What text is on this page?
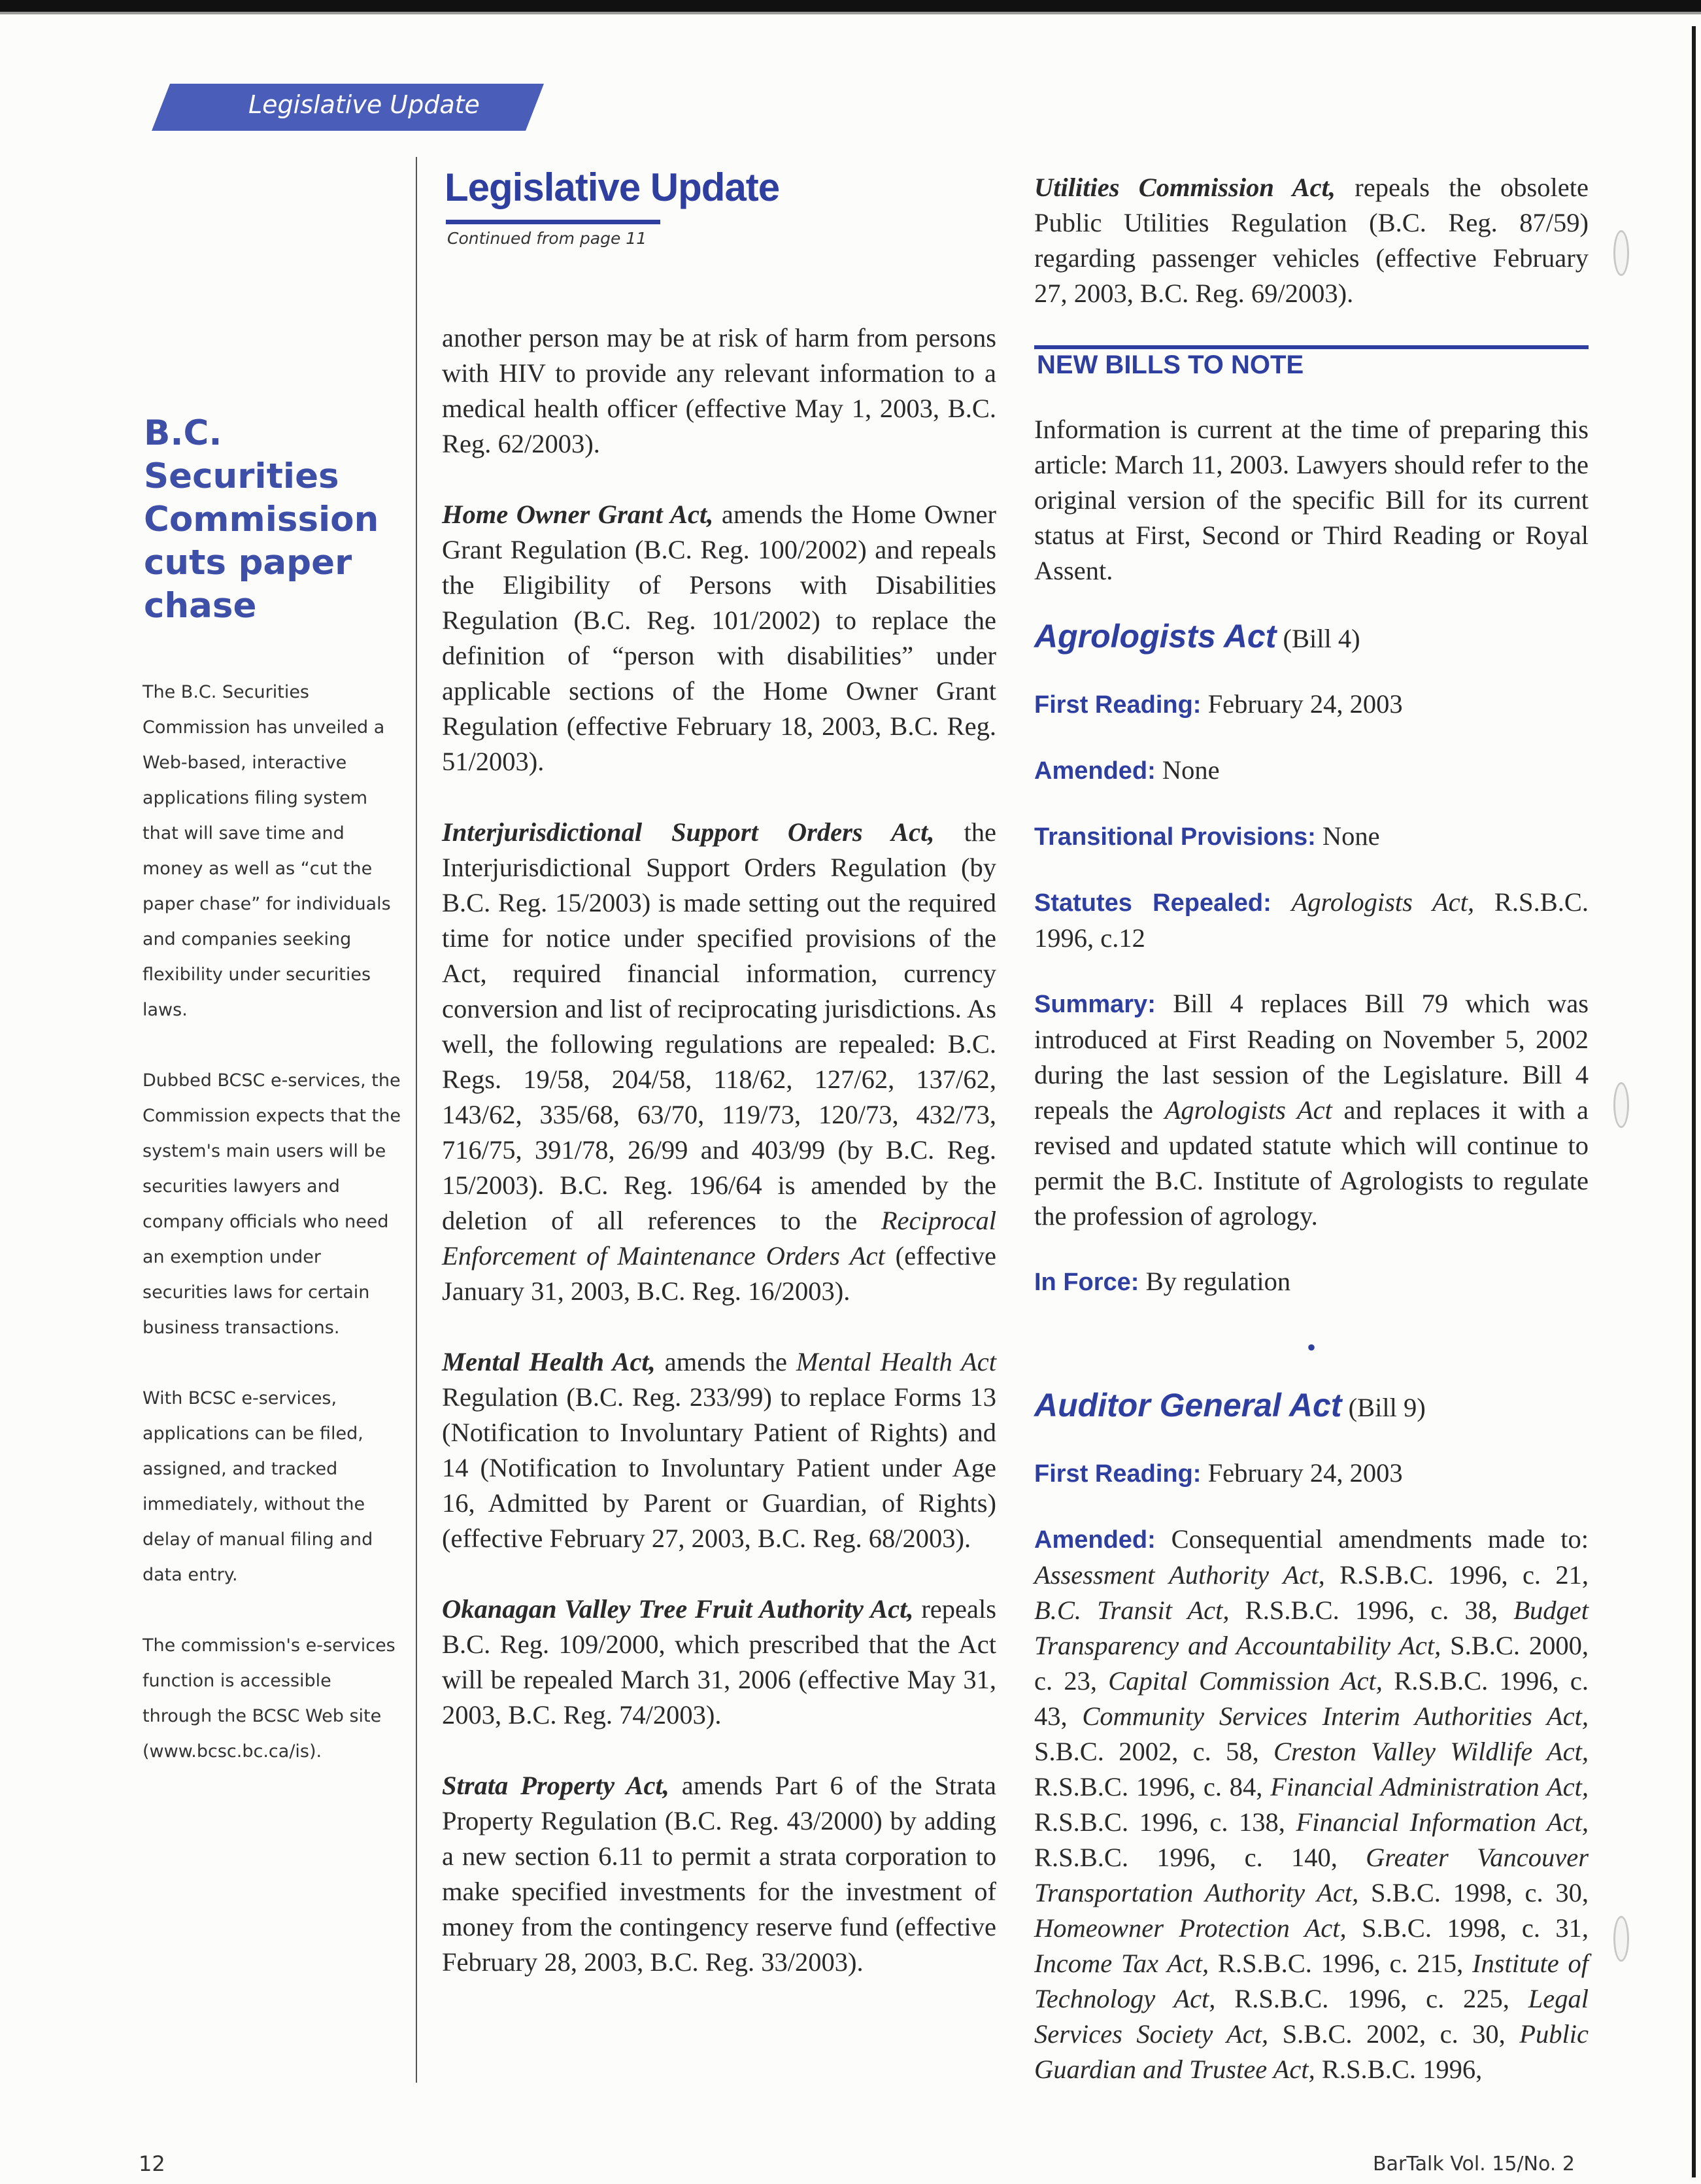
Legislative Update
B.C. Securities Commission cuts paper chase

The B.C. Securities Commission has unveiled a Web-based, interactive applications filing system that will save time and money as well as “cut the paper chase” for individuals and companies seeking flexibility under securities laws.

Dubbed BCSC e-services, the Commission expects that the system's main users will be securities lawyers and company officials who need an exemption under securities laws for certain business transactions.

With BCSC e-services, applications can be filed, assigned, and tracked immediately, without the delay of manual filing and data entry.

The commission's e-services function is accessible through the BCSC Web site (www.bcsc.bc.ca/is).

Legislative Update
Continued from page 11

another person may be at risk of harm from persons with HIV to provide any relevant information to a medical health officer (effective May 1, 2003, B.C. Reg. 62/2003).

Home Owner Grant Act, amends the Home Owner Grant Regulation (B.C. Reg. 100/2002) and repeals the Eligibility of Persons with Disabilities Regulation (B.C. Reg. 101/2002) to replace the definition of “person with disabilities” under applicable sections of the Home Owner Grant Regulation (effective February 18, 2003, B.C. Reg. 51/2003).

Interjurisdictional Support Orders Act, the Interjurisdictional Support Orders Regulation (by B.C. Reg. 15/2003) is made setting out the required time for notice under specified provisions of the Act, required financial information, currency conversion and list of reciprocating jurisdictions. As well, the following regulations are repealed: B.C. Regs. 19/58, 204/58, 118/62, 127/62, 137/62, 143/62, 335/68, 63/70, 119/73, 120/73, 432/73, 716/75, 391/78, 26/99 and 403/99 (by B.C. Reg. 15/2003). B.C. Reg. 196/64 is amended by the deletion of all references to the Reciprocal Enforcement of Maintenance Orders Act (effective January 31, 2003, B.C. Reg. 16/2003).

Mental Health Act, amends the Mental Health Act Regulation (B.C. Reg. 233/99) to replace Forms 13 (Notification to Involuntary Patient of Rights) and 14 (Notification to Involuntary Patient under Age 16, Admitted by Parent or Guardian, of Rights) (effective February 27, 2003, B.C. Reg. 68/2003).

Okanagan Valley Tree Fruit Authority Act, repeals B.C. Reg. 109/2000, which prescribed that the Act will be repealed March 31, 2006 (effective May 31, 2003, B.C. Reg. 74/2003).

Strata Property Act, amends Part 6 of the Strata Property Regulation (B.C. Reg. 43/2000) by adding a new section 6.11 to permit a strata corporation to make specified investments for the investment of money from the contingency reserve fund (effective February 28, 2003, B.C. Reg. 33/2003).

Utilities Commission Act, repeals the obsolete Public Utilities Regulation (B.C. Reg. 87/59) regarding passenger vehicles (effective February 27, 2003, B.C. Reg. 69/2003).

NEW BILLS TO NOTE

Information is current at the time of preparing this article: March 11, 2003. Lawyers should refer to the original version of the specific Bill for its current status at First, Second or Third Reading or Royal Assent.

Agrologists Act (Bill 4)

First Reading: February 24, 2003

Amended: None

Transitional Provisions: None

Statutes Repealed: Agrologists Act, R.S.B.C. 1996, c.12

Summary: Bill 4 replaces Bill 79 which was introduced at First Reading on November 5, 2002 during the last session of the Legislature. Bill 4 repeals the Agrologists Act and replaces it with a revised and updated statute which will continue to permit the B.C. Institute of Agrologists to regulate the profession of agrology.

In Force: By regulation

•

Auditor General Act (Bill 9)

First Reading: February 24, 2003

Amended: Consequential amendments made to: Assessment Authority Act, R.S.B.C. 1996, c. 21, B.C. Transit Act, R.S.B.C. 1996, c. 38, Budget Transparency and Accountability Act, S.B.C. 2000, c. 23, Capital Commission Act, R.S.B.C. 1996, c. 43, Community Services Interim Authorities Act, S.B.C. 2002, c. 58, Creston Valley Wildlife Act, R.S.B.C. 1996, c. 84, Financial Administration Act, R.S.B.C. 1996, c. 138, Financial Information Act, R.S.B.C. 1996, c. 140, Greater Vancouver Transportation Authority Act, S.B.C. 1998, c. 30, Homeowner Protection Act, S.B.C. 1998, c. 31, Income Tax Act, R.S.B.C. 1996, c. 215, Institute of Technology Act, R.S.B.C. 1996, c. 225, Legal Services Society Act, S.B.C. 2002, c. 30, Public Guardian and Trustee Act, R.S.B.C. 1996,

12	BarTalk Vol. 15/No. 2
